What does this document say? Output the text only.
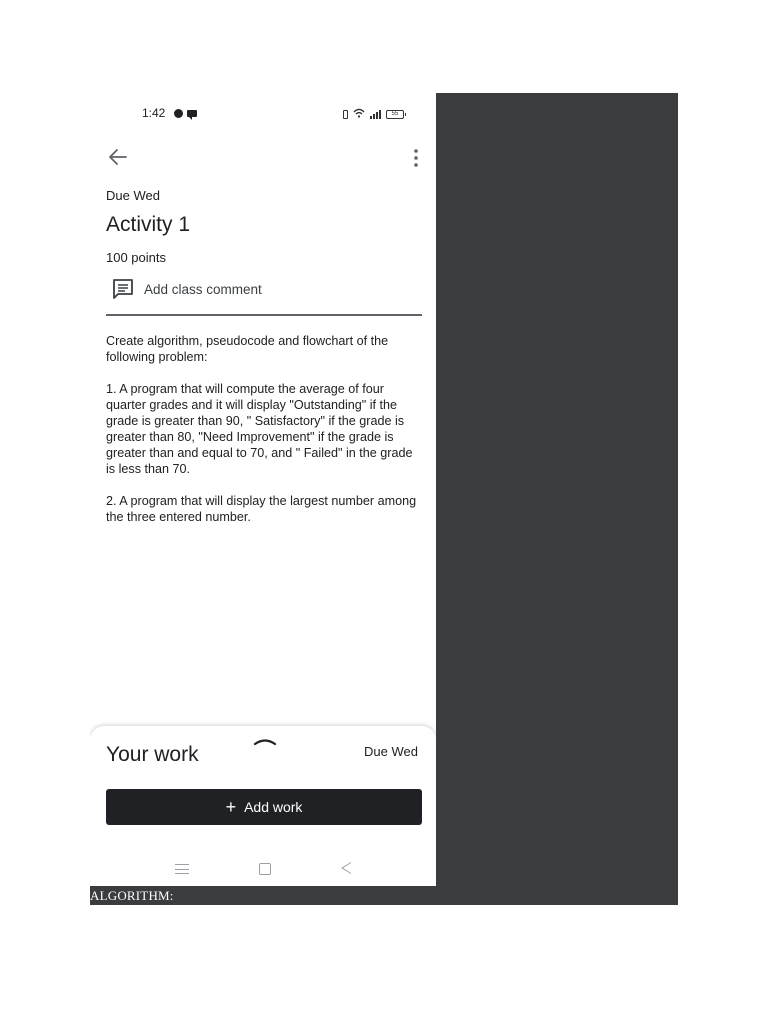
1:42	55
Due Wed
Activity 1
100 points
Add class comment

Create algorithm, pseudocode and flowchart of the following problem:

1. A program that will compute the average of four quarter grades and it will display "Outstanding" if the grade is greater than 90, " Satisfactory" if the grade is greater than 80, "Need Improvement" if the grade is greater than and equal to 70, and " Failed" in the grade is less than 70.

2. A program that will display the largest number among the three entered number.

Your work	Due Wed
+ Add work
ALGORITHM:
